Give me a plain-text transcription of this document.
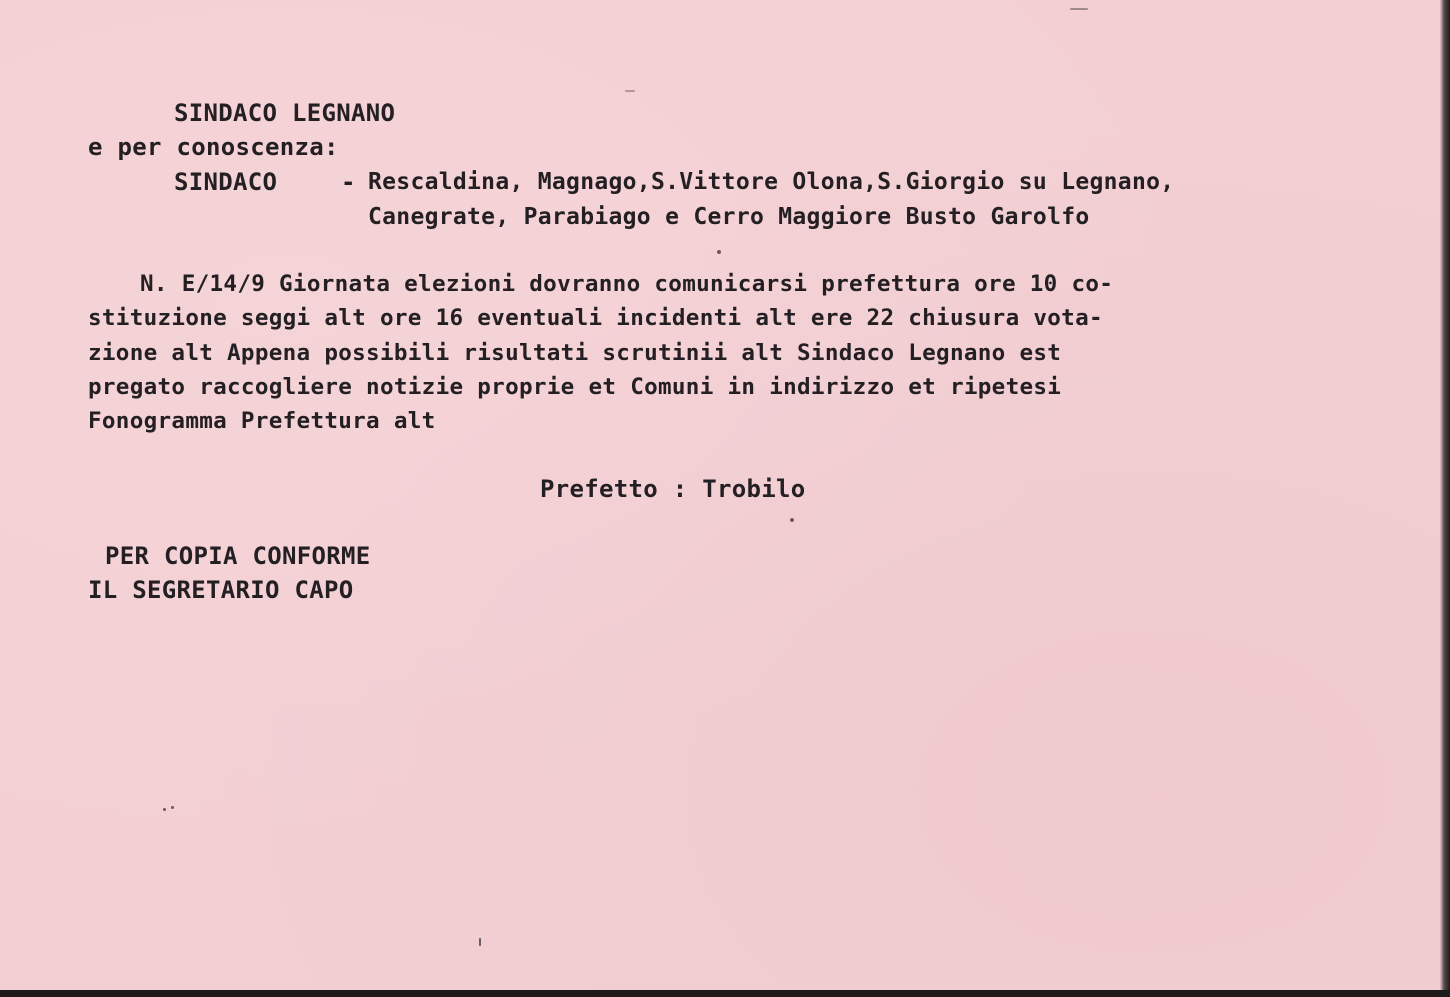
SINDACO LEGNANO

e per conoscenza:

SINDACO	- Rescaldina, Magnago,S.Vittore Olona,S.Giorgio su Legnano,

Canegrate, Parabiago e Cerro Maggiore Busto Garolfo

N. E/14/9 Giornata elezioni dovranno comunicarsi prefettura ore 10 co-

stituzione seggi alt ore 16 eventuali incidenti alt ere 22 chiusura vota-

zione alt Appena possibili risultati scrutinii alt Sindaco Legnano est

pregato raccogliere notizie proprie et Comuni in indirizzo et ripetesi

Fonogramma Prefettura alt

Prefetto : Trobilo

PER COPIA CONFORME

IL SEGRETARIO CAPO
